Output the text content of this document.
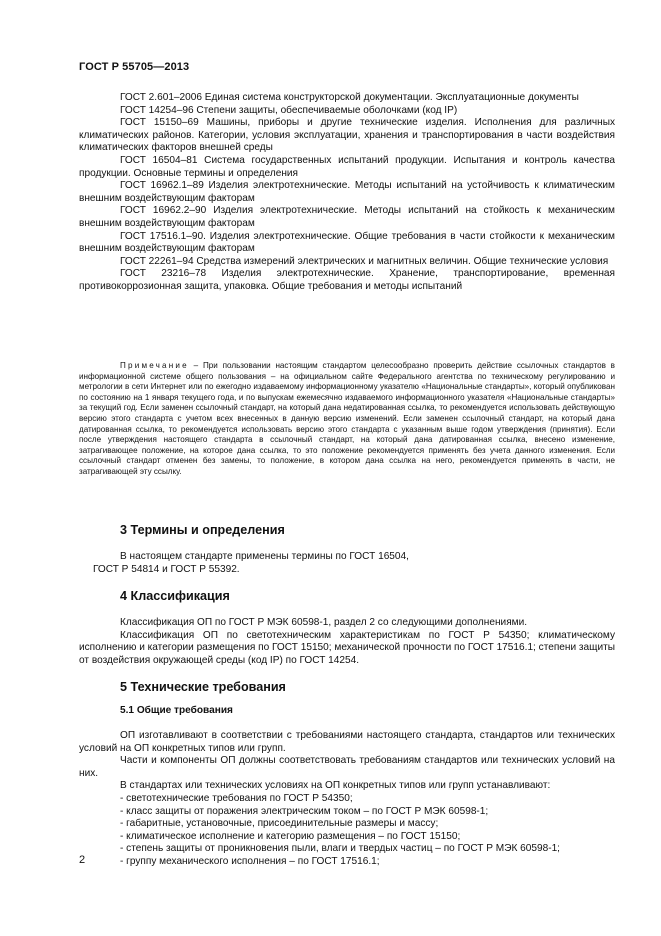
ГОСТ Р 55705—2013

ГОСТ 2.601–2006 Единая система конструкторской документации. Эксплуатационные документы

ГОСТ 14254–96 Степени защиты, обеспечиваемые оболочками (код IP)

ГОСТ 15150–69 Машины, приборы и другие технические изделия. Исполнения для различных климатических районов. Категории, условия эксплуатации, хранения и транспортирования в части воздействия климатических факторов внешней среды

ГОСТ 16504–81 Система государственных испытаний продукции. Испытания и контроль качества продукции. Основные термины и определения

ГОСТ 16962.1–89 Изделия электротехнические. Методы испытаний на устойчивость к климатическим внешним воздействующим факторам

ГОСТ 16962.2–90 Изделия электротехнические. Методы испытаний на стойкость к механическим внешним воздействующим факторам

ГОСТ 17516.1–90. Изделия электротехнические. Общие требования в части стойкости к механическим внешним воздействующим факторам

ГОСТ 22261–94 Средства измерений электрических и магнитных величин. Общие технические условия

ГОСТ 23216–78 Изделия электротехнические. Хранение, транспортирование, временная противокоррозионная защита, упаковка. Общие требования и методы испытаний

Примечание – При пользовании настоящим стандартом целесообразно проверить действие ссылочных стандартов в информационной системе общего пользования – на официальном сайте Федерального агентства по техническому регулированию и метрологии в сети Интернет или по ежегодно издаваемому информационному указателю «Национальные стандарты», который опубликован по состоянию на 1 января текущего года, и по выпускам ежемесячно издаваемого информационного указателя «Национальные стандарты» за текущий год. Если заменен ссылочный стандарт, на который дана недатированная ссылка, то рекомендуется использовать действующую версию этого стандарта с учетом всех внесенных в данную версию изменений. Если заменен ссылочный стандарт, на который дана датированная ссылка, то рекомендуется использовать версию этого стандарта с указанным выше годом утверждения (принятия). Если после утверждения настоящего стандарта в ссылочный стандарт, на который дана датированная ссылка, внесено изменение, затрагивающее положение, на которое дана ссылка, то это положение рекомендуется применять без учета данного изменения. Если ссылочный стандарт отменен без замены, то положение, в котором дана ссылка на него, рекомендуется применять в части, не затрагивающей эту ссылку.

3 Термины и определения

В настоящем стандарте применены термины по ГОСТ 16504,

ГОСТ Р 54814 и ГОСТ Р 55392.

4 Классификация

Классификация ОП по ГОСТ Р МЭК 60598-1, раздел 2 со следующими дополнениями.

Классификация ОП по светотехническим характеристикам по ГОСТ Р 54350; климатическому исполнению и категории размещения по ГОСТ 15150; механической прочности по ГОСТ 17516.1; степени защиты от воздействия окружающей среды (код IP) по ГОСТ 14254.

5 Технические требования
5.1 Общие требования

ОП изготавливают в соответствии с требованиями настоящего стандарта, стандартов или технических условий на ОП конкретных типов или групп.

Части и компоненты ОП должны соответствовать требованиям стандартов или технических условий на них.

В стандартах или технических условиях на ОП конкретных типов или групп устанавливают:

- светотехнические требования по ГОСТ Р 54350;

- класс защиты от поражения электрическим током – по ГОСТ Р МЭК 60598-1;

- габаритные, установочные, присоединительные размеры и массу;

- климатическое исполнение и категорию размещения – по ГОСТ 15150;

- степень защиты от проникновения пыли, влаги и твердых частиц – по ГОСТ Р МЭК 60598-1;

- группу механического исполнения – по ГОСТ 17516.1;

2
